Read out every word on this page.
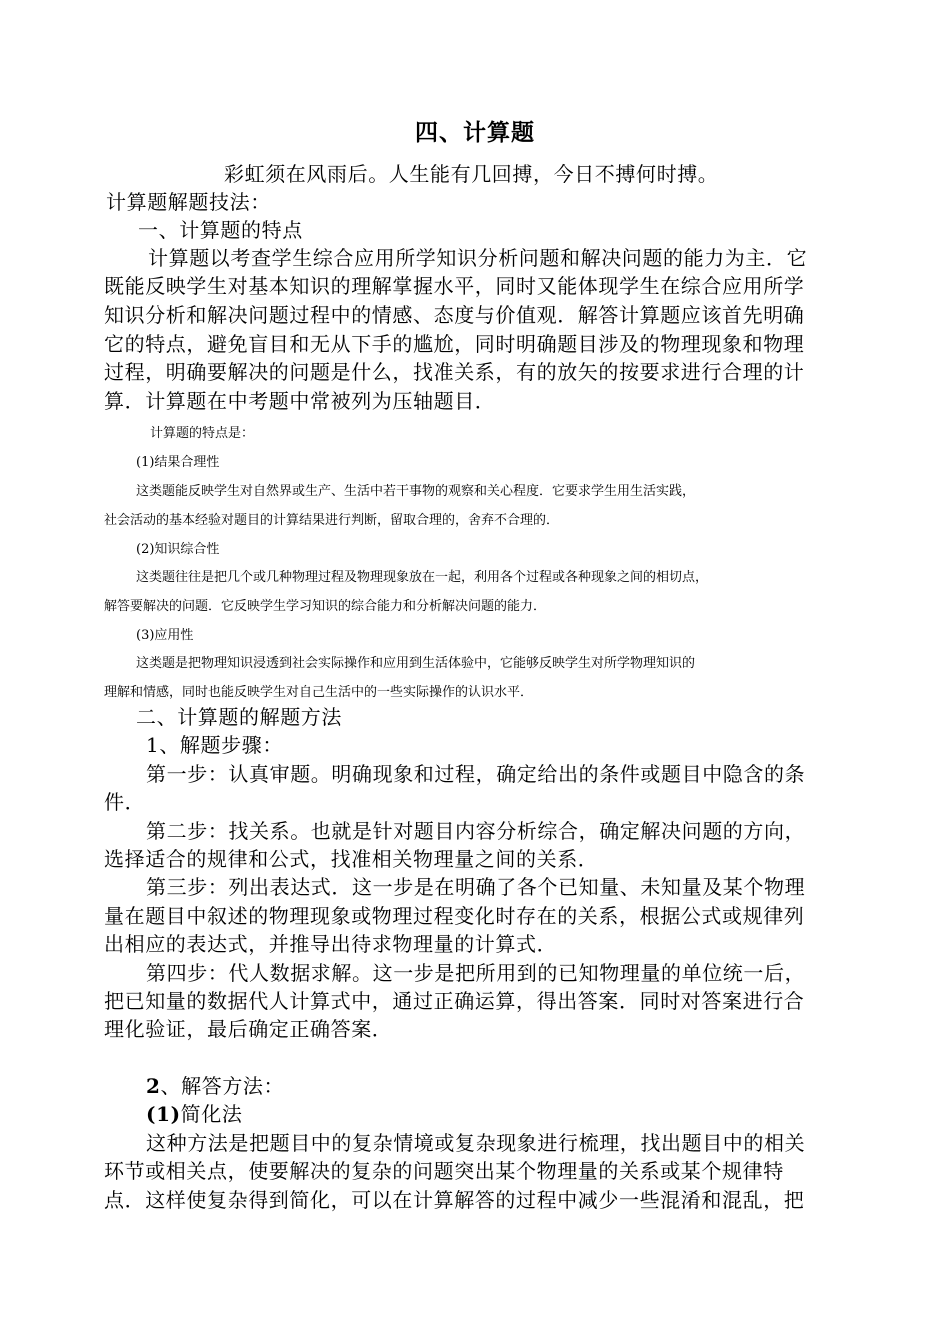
四、计算题
彩虹须在风雨后。人生能有几回搏，今日不搏何时搏。
计算题解题技法：
一、计算题的特点
计算题以考查学生综合应用所学知识分析问题和解决问题的能力为主．它
既能反映学生对基本知识的理解掌握水平，同时又能体现学生在综合应用所学
知识分析和解决问题过程中的情感、态度与价值观．解答计算题应该首先明确
它的特点，避免盲目和无从下手的尴尬，同时明确题目涉及的物理现象和物理
过程，明确要解决的问题是什么，找准关系，有的放矢的按要求进行合理的计
算．计算题在中考题中常被列为压轴题目．
计算题的特点是：
(1)结果合理性
这类题能反映学生对自然界或生产、生活中若干事物的观察和关心程度．它要求学生用生活实践，
社会活动的基本经验对题目的计算结果进行判断，留取合理的，舍弃不合理的．
(2)知识综合性
这类题往往是把几个或几种物理过程及物理现象放在一起，利用各个过程或各种现象之间的相切点，
解答要解决的问题．它反映学生学习知识的综合能力和分析解决问题的能力．
(3)应用性
这类题是把物理知识浸透到社会实际操作和应用到生活体验中，它能够反映学生对所学物理知识的
理解和情感，同时也能反映学生对自己生活中的一些实际操作的认识水平．
二、计算题的解题方法
1、解题步骤：
第一步：认真审题。明确现象和过程，确定给出的条件或题目中隐含的条
件．
第二步：找关系。也就是针对题目内容分析综合，确定解决问题的方向，
选择适合的规律和公式，找准相关物理量之间的关系．
第三步：列出表达式．这一步是在明确了各个已知量、未知量及某个物理
量在题目中叙述的物理现象或物理过程变化时存在的关系，根据公式或规律列
出相应的表达式，并推导出待求物理量的计算式．
第四步：代人数据求解。这一步是把所用到的已知物理量的单位统一后，
把已知量的数据代人计算式中，通过正确运算，得出答案．同时对答案进行合
理化验证，最后确定正确答案．
2、解答方法：
(1)简化法
这种方法是把题目中的复杂情境或复杂现象进行梳理，找出题目中的相关
环节或相关点，使要解决的复杂的问题突出某个物理量的关系或某个规律特
点．这样使复杂得到简化，可以在计算解答的过程中减少一些混淆和混乱，把
